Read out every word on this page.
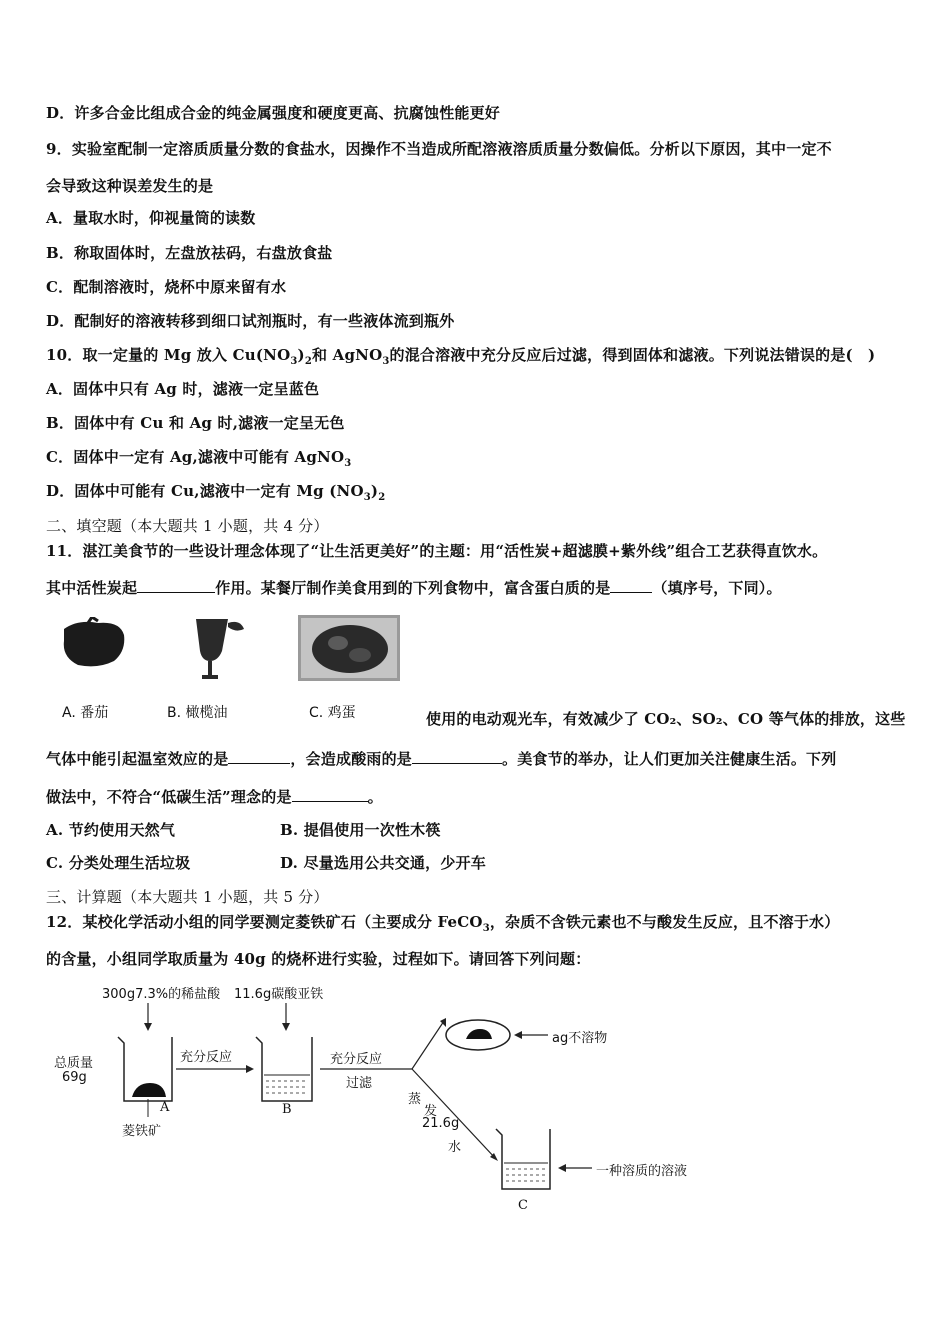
D．许多合金比组成合金的纯金属强度和硬度更高、抗腐蚀性能更好
9．实验室配制一定溶质质量分数的食盐水，因操作不当造成所配溶液溶质质量分数偏低。分析以下原因，其中一定不
会导致这种误差发生的是
A．量取水时，仰视量筒的读数
B．称取固体时，左盘放祛码，右盘放食盐
C．配制溶液时，烧杯中原来留有水
D．配制好的溶液转移到细口试剂瓶时，有一些液体流到瓶外
10．取一定量的 Mg 放入 $Cu(NO_3)_2$和 AgNO$_3$的混合溶液中充分反应后过滤，得到固体和滤液。下列说法错误的是(　)
A．固体中只有 Ag 时，滤液一定呈蓝色
B．固体中有 Cu 和 Ag 时,滤液一定呈无色
C．固体中一定有 Ag,滤液中可能有 AgNO$_3$
D．固体中可能有 Cu,滤液中一定有 Mg $(NO_3)_2$
二、填空题（本大题共 1 小题，共 4 分）
11．湛江美食节的一些设计理念体现了“让生活更美好”的主题：用“活性炭+超滤膜+紫外线”组合工艺获得直饮水。
其中活性炭起	作用。某餐厅制作美食用到的下列食物中，富含蛋白质的是	（填序号，下同）。
A. 番茄	B. 橄榄油	C. 鸡蛋	使用的电动观光车，有效减少了 CO₂、SO₂、CO 等气体的排放，这些
气体中能引起温室效应的是	，会造成酸雨的是	。美食节的举办，让人们更加关注健康生活。下列
做法中，不符合“低碳生活”理念的是	。
A. 节约使用天然气	B. 提倡使用一次性木筷
C. 分类处理生活垃圾	D. 尽量选用公共交通，少开车
三、计算题（本大题共 1 小题，共 5 分）
12．某校化学活动小组的同学要测定菱铁矿石（主要成分 FeCO$_3$，杂质不含铁元素也不与酸发生反应，且不溶于水）
的含量，小组同学取质量为 40g 的烧杯进行实验，过程如下。请回答下列问题：
300g7.3%的稀盐酸 11.6g碳酸亚铁
总质量
69g
充分反应	充分反应
过滤
A	B
菱铁矿
ag不溶物
蒸
发
21.6g
水
一种溶质的溶液
C
